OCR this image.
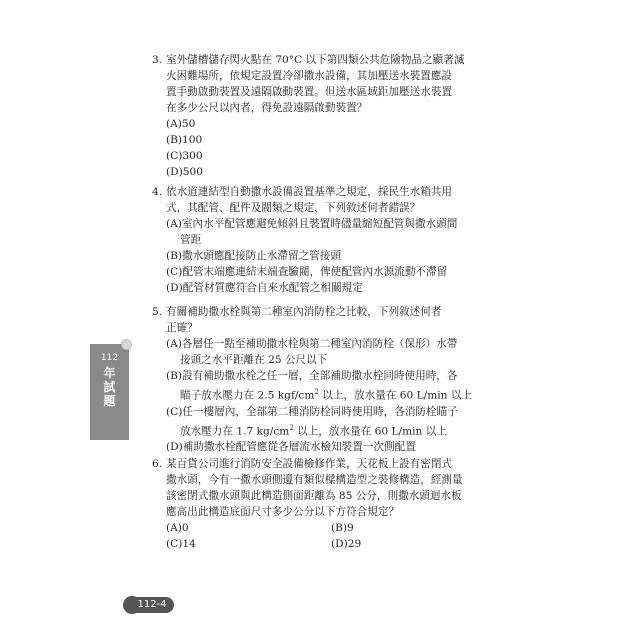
3. 室外儲槽儲存閃火點在 70°C 以下第四類公共危險物品之顯著滅
火困難場所，依規定設置冷卻撒水設備，其加壓送水裝置應設
置手動啟動裝置及遠隔啟動裝置。但送水區域距加壓送水裝置
在多少公尺以內者，得免設遠隔啟動裝置？
(A)50
(B)100
(C)300
(D)500
4. 依水道連結型自動撒水設備設置基準之規定，採民生水箱共用
式，其配管、配件及閥類之規定，下列敘述何者錯誤？
(A)室內水平配管應避免傾斜且裝置時儘量縮短配管與撒水頭間
管距
(B)撒水頭應配接防止水滯留之管接頭
(C)配管末端應連結末端查驗閥，俾使配管內水源流動不滯留
(D)配管材質應符合自來水配管之相關規定
5. 有關補助撒水栓與第二種室內消防栓之比較，下列敘述何者
正確？
(A)各層任一點至補助撒水栓與第二種室內消防栓（保形）水帶
接頭之水平距離在 25 公尺以下
(B)設有補助撒水栓之任一層，全部補助撒水栓同時使用時，各
瞄子放水壓力在 2.5 kgf/$cm^2$ 以上，放水量在 60 L/min 以上
(C)任一樓層內，全部第二種消防栓同時使用時，各消防栓瞄子
放水壓力在 1.7 $kg/cm^2$ 以上，放水量在 60 L/min 以上
(D)補助撒水栓配管應從各層流水檢知裝置一次側配置
6. 某百貨公司進行消防安全設備檢修作業，天花板上設有密閉式
撒水頭，今有一撒水頭側邊有類似樑構造型之裝修構造，經測量
該密閉式撒水頭與此構造側面距離為 85 公分，則撒水頭迴水板
應高出此構造底面尺寸多少公分以下方符合規定？
(A)0	(B)9
(C)14	(D)29
112
年
試
題
112-4
